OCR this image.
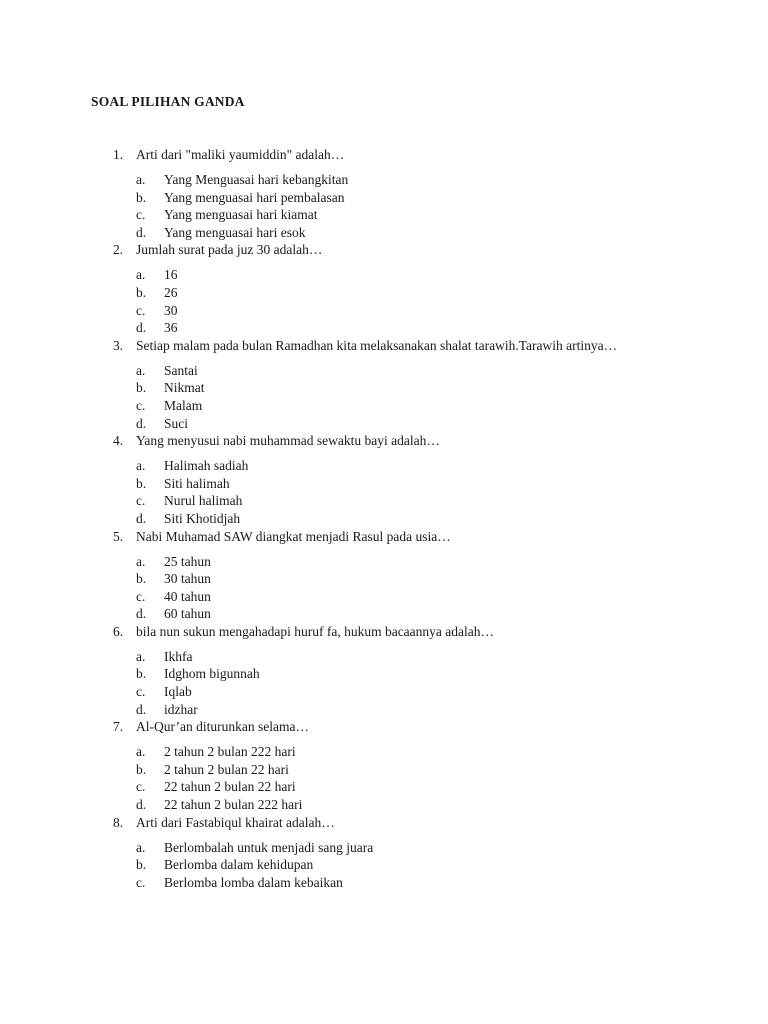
SOAL PILIHAN GANDA
1. Arti dari "maliki yaumiddin" adalah…
a. Yang Menguasai hari kebangkitan
b. Yang menguasai hari pembalasan
c. Yang menguasai hari kiamat
d. Yang menguasai hari esok
2. Jumlah surat pada juz 30 adalah…
a. 16
b. 26
c. 30
d. 36
3. Setiap malam pada bulan Ramadhan kita melaksanakan shalat tarawih.Tarawih artinya…
a. Santai
b. Nikmat
c. Malam
d. Suci
4. Yang menyusui nabi muhammad sewaktu bayi adalah…
a. Halimah sadiah
b. Siti halimah
c. Nurul halimah
d. Siti Khotidjah
5. Nabi Muhamad SAW diangkat menjadi Rasul pada usia…
a. 25 tahun
b. 30 tahun
c. 40 tahun
d. 60 tahun
6. bila nun sukun mengahadapi huruf fa, hukum bacaannya adalah…
a. Ikhfa
b. Idghom bigunnah
c. Iqlab
d. idzhar
7. Al-Qur’an diturunkan selama…
a. 2 tahun 2 bulan 222 hari
b. 2 tahun 2 bulan 22 hari
c. 22 tahun 2 bulan 22 hari
d. 22 tahun 2 bulan 222 hari
8. Arti dari Fastabiqul khairat adalah…
a. Berlombalah untuk menjadi sang juara
b. Berlomba dalam kehidupan
c. Berlomba lomba dalam kebaikan
